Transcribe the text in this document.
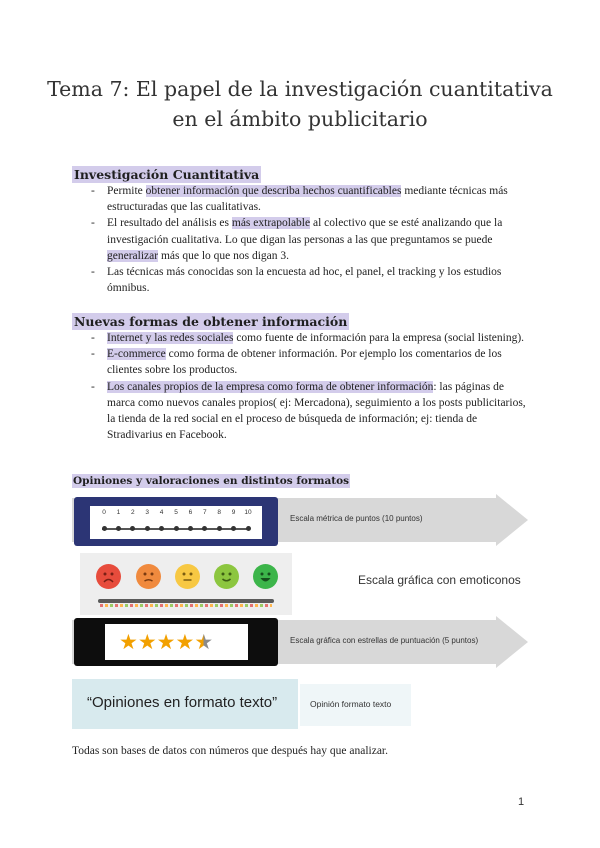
Tema 7: El papel de la investigación cuantitativa
en el ámbito publicitario
Investigación Cuantitativa
- Permite obtener información que describa hechos cuantificables mediante técnicas más estructuradas que las cualitativas.
- El resultado del análisis es más extrapolable al colectivo que se esté analizando que la investigación cualitativa. Lo que digan las personas a las que preguntamos se puede generalizar más que lo que nos digan 3.
- Las técnicas más conocidas son la encuesta ad hoc, el panel, el tracking y los estudios ómnibus.
Nuevas formas de obtener información
- Internet y las redes sociales como fuente de información para la empresa (social listening).
- E-commerce como forma de obtener información. Por ejemplo los comentarios de los clientes sobre los productos.
- Los canales propios de la empresa como forma de obtener información: las páginas de marca como nuevos canales propios( ej: Mercadona), seguimiento a los posts publicitarios, la tienda de la red social en el proceso de búsqueda de información; ej: tienda de Stradivarius en Facebook.
Opiniones y valoraciones en distintos formatos
0	1	2	3	4	5	6	7	8	9	10
Escala métrica de puntos (10 puntos)
Escala gráfica con emoticonos
★★★★★	Escala gráfica con estrellas de puntuación (5 puntos)
“Opiniones en formato texto”	Opinión formato texto
Todas son bases de datos con números que después hay que analizar.
1
